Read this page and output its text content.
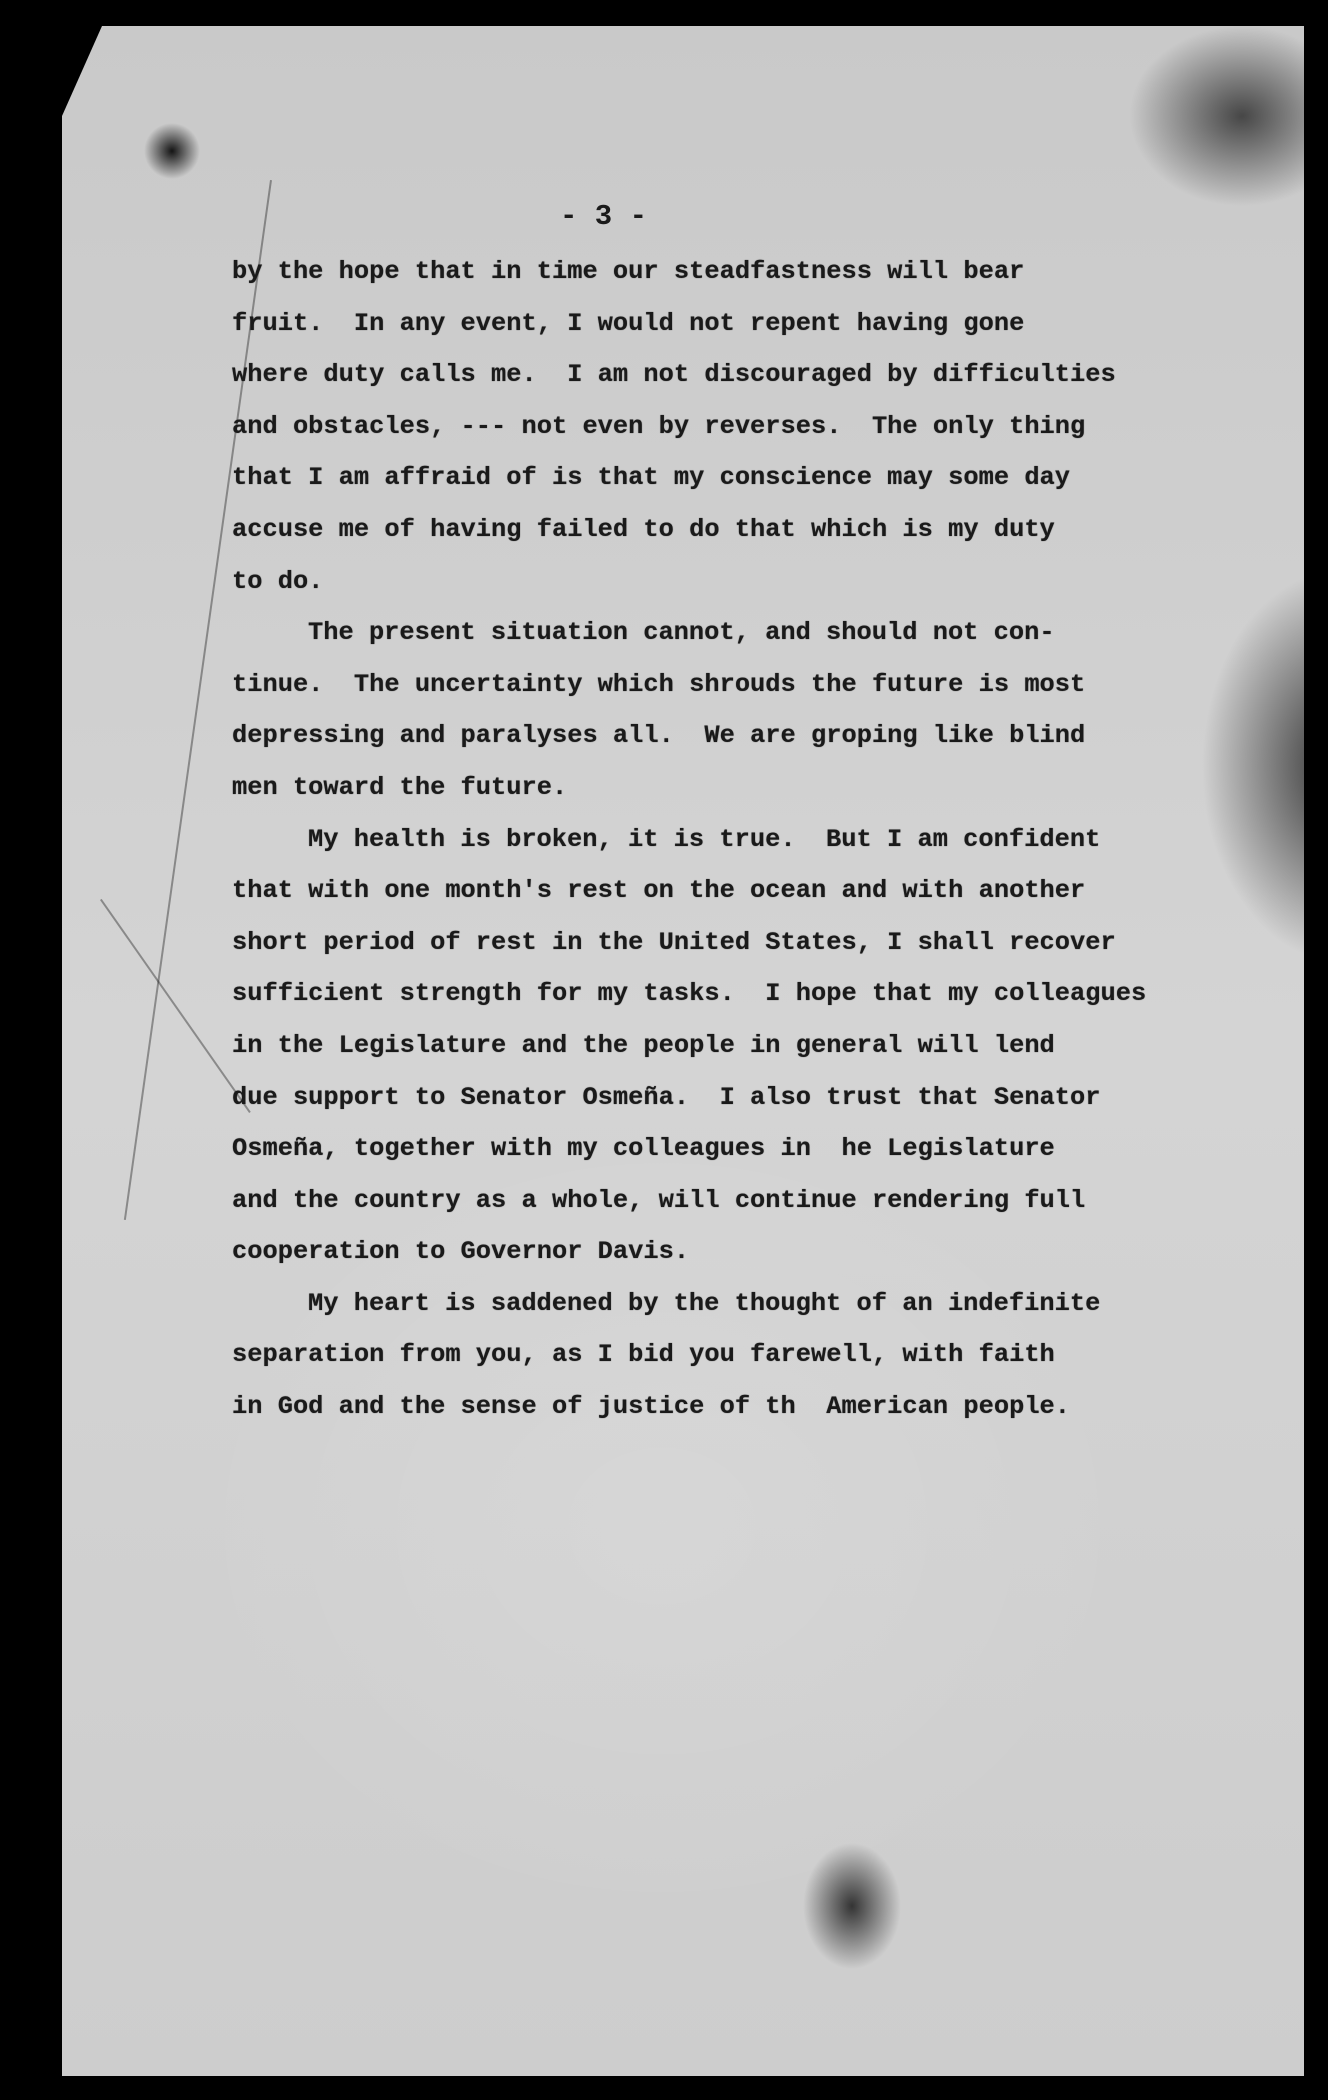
- 3 -
by the hope that in time our steadfastness will bear
fruit.  In any event, I would not repent having gone
where duty calls me.  I am not discouraged by difficulties
and obstacles, --- not even by reverses.  The only thing
that I am affraid of is that my conscience may some day
accuse me of having failed to do that which is my duty
to do.
The present situation cannot, and should not con-
tinue.  The uncertainty which shrouds the future is most
depressing and paralyses all.  We are groping like blind
men toward the future.
My health is broken, it is true.  But I am confident
that with one month's rest on the ocean and with another
short period of rest in the United States, I shall recover
sufficient strength for my tasks.  I hope that my colleagues
in the Legislature and the people in general will lend
due support to Senator Osmeña.  I also trust that Senator
Osmeña, together with my colleagues in  he Legislature
and the country as a whole, will continue rendering full
cooperation to Governor Davis.
My heart is saddened by the thought of an indefinite
separation from you, as I bid you farewell, with faith
in God and the sense of justice of th  American people.
